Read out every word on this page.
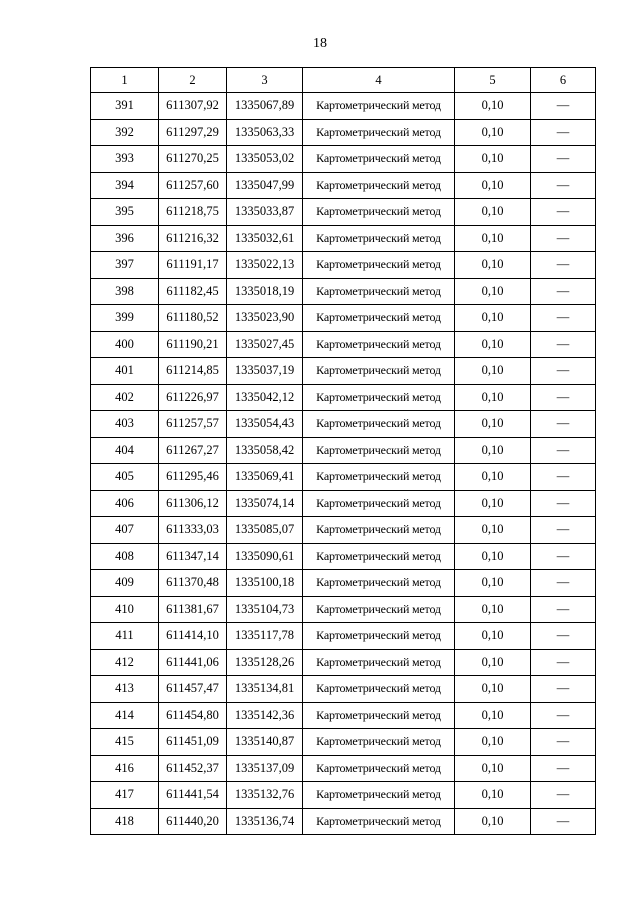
18
1	2	3	4	5	6
391	611307,92	1335067,89	Картометрический метод	0,10	—
392	611297,29	1335063,33	Картометрический метод	0,10	—
393	611270,25	1335053,02	Картометрический метод	0,10	—
394	611257,60	1335047,99	Картометрический метод	0,10	—
395	611218,75	1335033,87	Картометрический метод	0,10	—
396	611216,32	1335032,61	Картометрический метод	0,10	—
397	611191,17	1335022,13	Картометрический метод	0,10	—
398	611182,45	1335018,19	Картометрический метод	0,10	—
399	611180,52	1335023,90	Картометрический метод	0,10	—
400	611190,21	1335027,45	Картометрический метод	0,10	—
401	611214,85	1335037,19	Картометрический метод	0,10	—
402	611226,97	1335042,12	Картометрический метод	0,10	—
403	611257,57	1335054,43	Картометрический метод	0,10	—
404	611267,27	1335058,42	Картометрический метод	0,10	—
405	611295,46	1335069,41	Картометрический метод	0,10	—
406	611306,12	1335074,14	Картометрический метод	0,10	—
407	611333,03	1335085,07	Картометрический метод	0,10	—
408	611347,14	1335090,61	Картометрический метод	0,10	—
409	611370,48	1335100,18	Картометрический метод	0,10	—
410	611381,67	1335104,73	Картометрический метод	0,10	—
411	611414,10	1335117,78	Картометрический метод	0,10	—
412	611441,06	1335128,26	Картометрический метод	0,10	—
413	611457,47	1335134,81	Картометрический метод	0,10	—
414	611454,80	1335142,36	Картометрический метод	0,10	—
415	611451,09	1335140,87	Картометрический метод	0,10	—
416	611452,37	1335137,09	Картометрический метод	0,10	—
417	611441,54	1335132,76	Картометрический метод	0,10	—
418	611440,20	1335136,74	Картометрический метод	0,10	—
